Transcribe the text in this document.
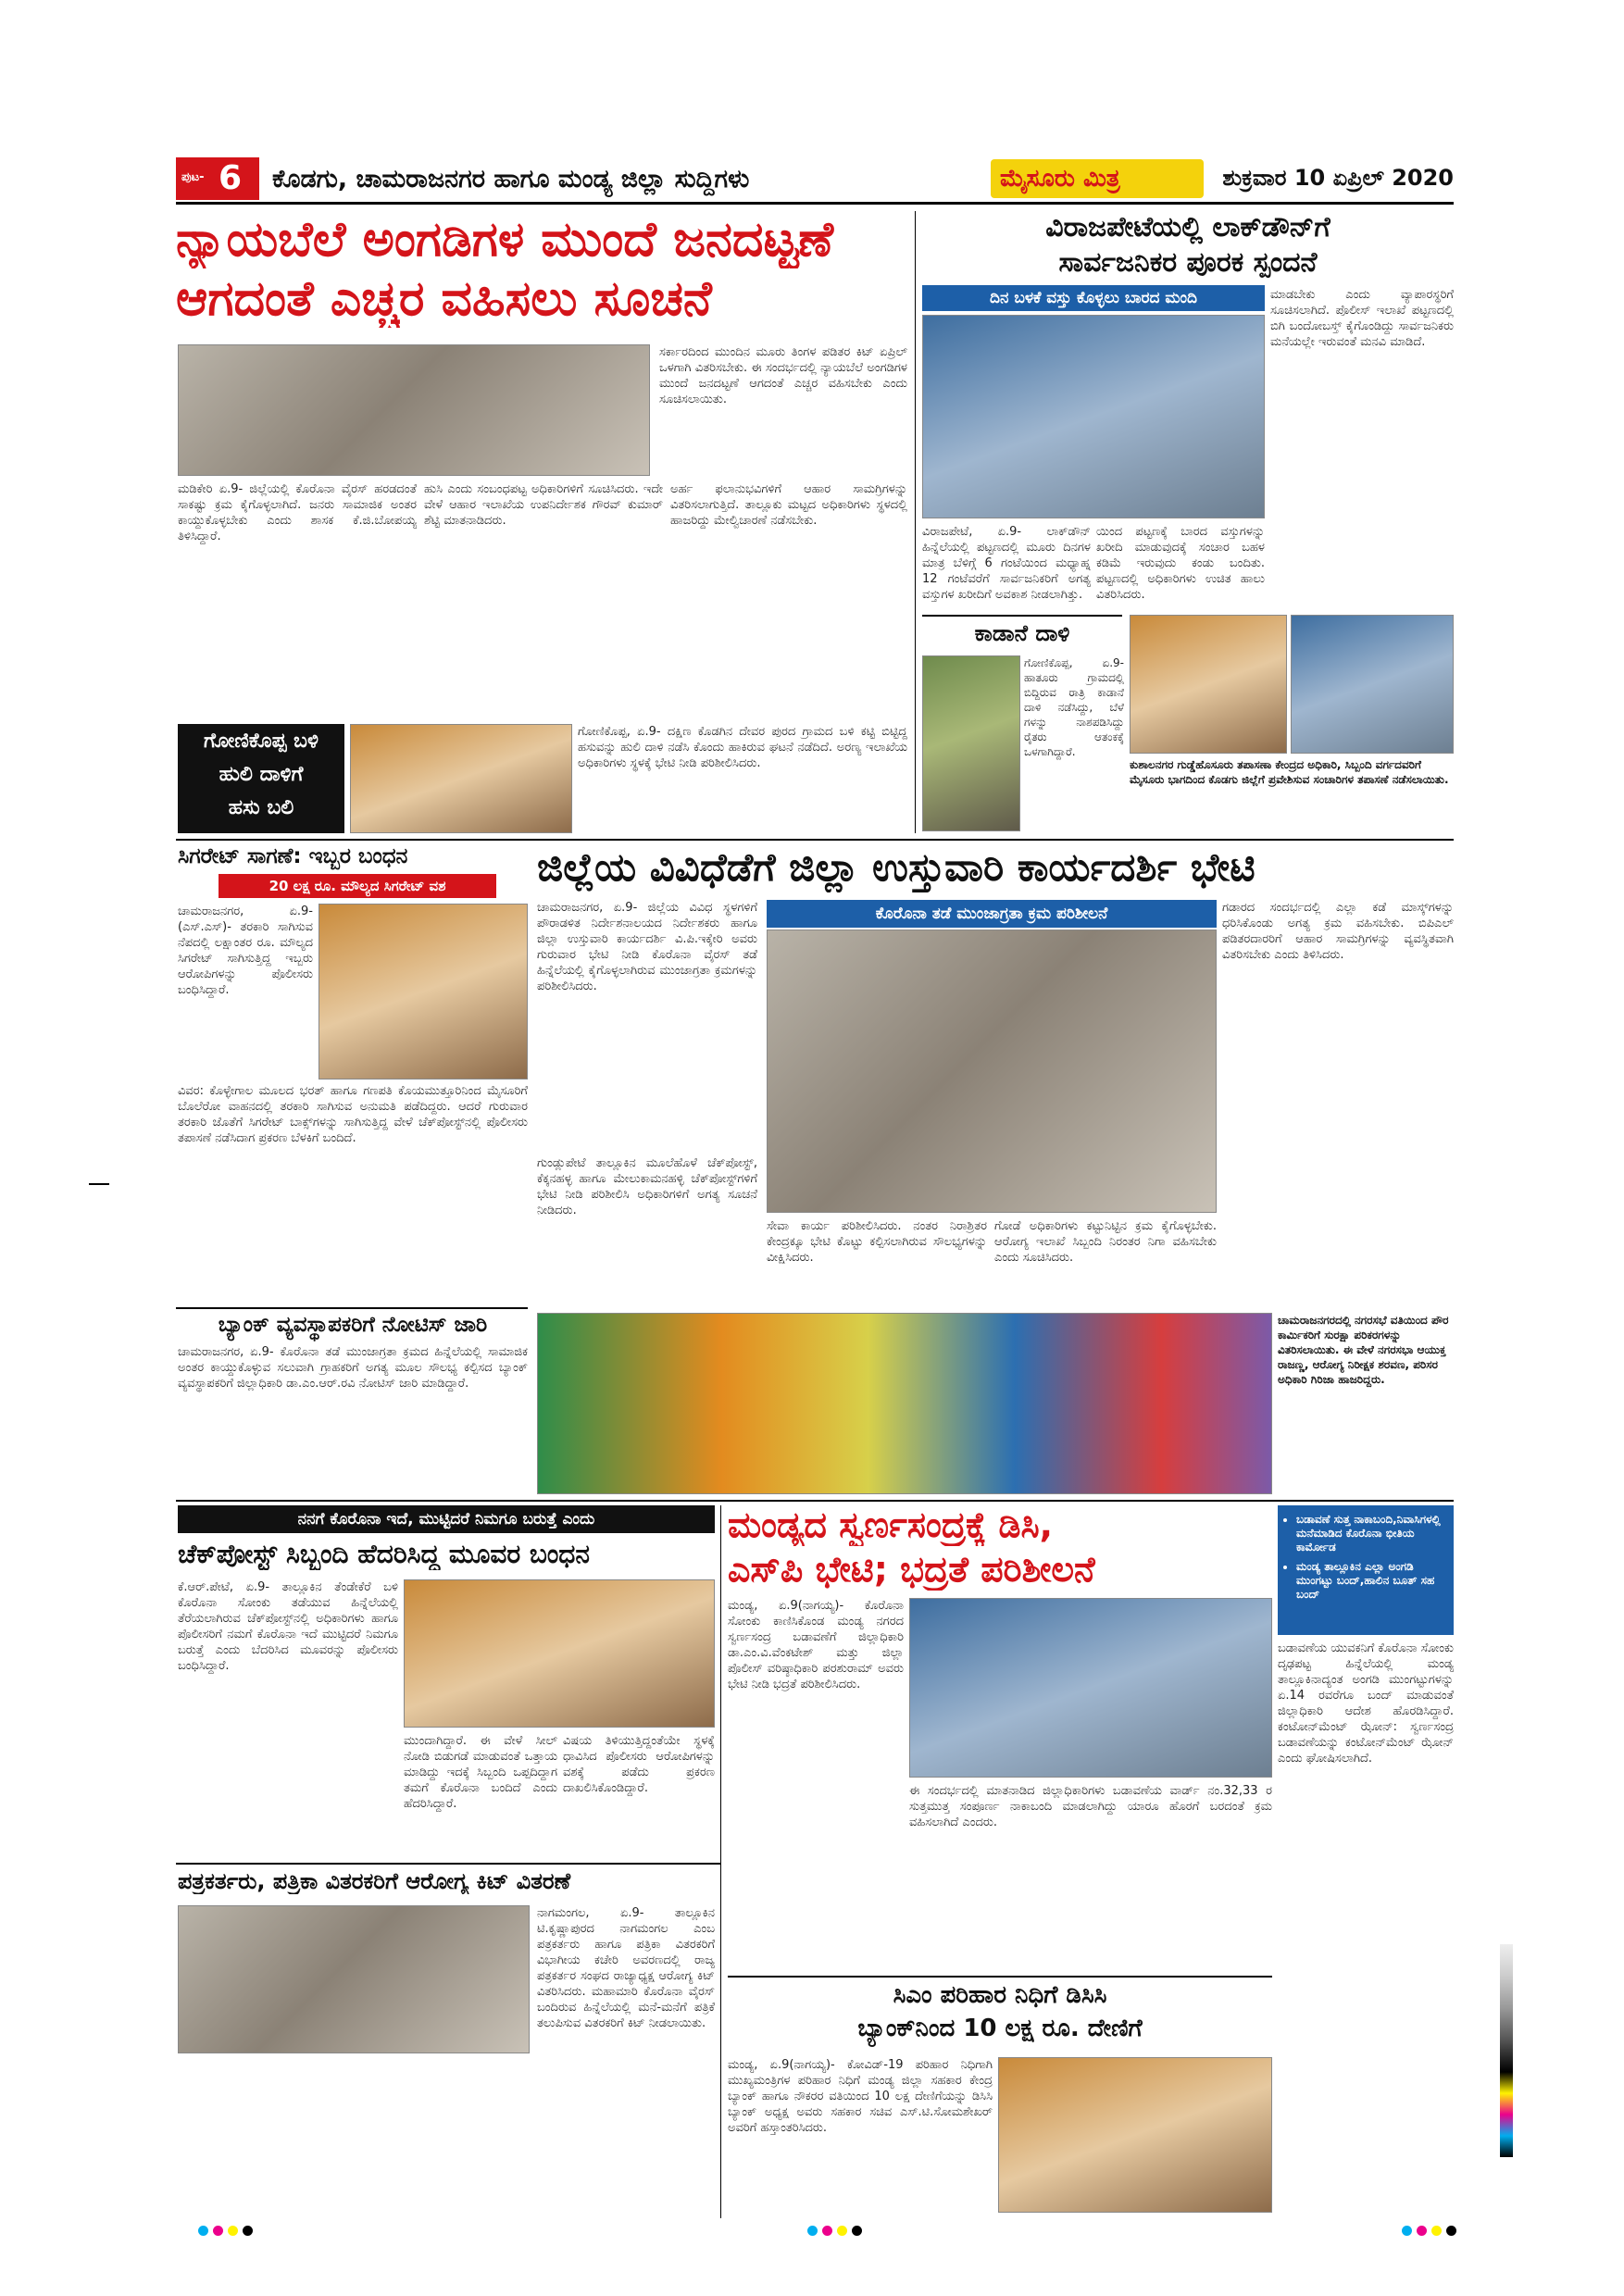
ಪುಟ- 6 ಕೊಡಗು, ಚಾಮರಾಜನಗರ ಹಾಗೂ ಮಂಡ್ಯ ಜಿಲ್ಲಾ ಸುದ್ದಿಗಳು	ಮೈಸೂರು ಮಿತ್ರ	ಶುಕ್ರವಾರ 10 ಏಪ್ರಿಲ್ 2020
ನ್ಯಾಯಬೆಲೆ ಅಂಗಡಿಗಳ ಮುಂದೆ ಜನದಟ್ಟಣೆ
ಆಗದಂತೆ ಎಚ್ಚರ ವಹಿಸಲು ಸೂಚನೆ
ಸರ್ಕಾರದಿಂದ ಮುಂದಿನ ಮೂರು ತಿಂಗಳ ಪಡಿತರ ಕಿಟ್ ಏಪ್ರಿಲ್ ಒಳಗಾಗಿ ವಿತರಿಸಬೇಕು. ಈ ಸಂದರ್ಭದಲ್ಲಿ ನ್ಯಾಯಬೆಲೆ ಅಂಗಡಿಗಳ ಮುಂದೆ ಜನದಟ್ಟಣೆ ಆಗದಂತೆ ಎಚ್ಚರ ವಹಿಸಬೇಕು ಎಂದು ಸೂಚಿಸಲಾಯಿತು.
ಮಡಿಕೇರಿ ಏ.9- ಜಿಲ್ಲೆಯಲ್ಲಿ ಕೊರೊನಾ ವೈರಸ್ ಹರಡದಂತೆ ಸಾಕಷ್ಟು ಕ್ರಮ ಕೈಗೊಳ್ಳಲಾಗಿದೆ. ಜನರು ಸಾಮಾಜಿಕ ಅಂತರ ಕಾಯ್ದುಕೊಳ್ಳಬೇಕು ಎಂದು ಶಾಸಕ ಕೆ.ಜಿ.ಬೋಪಯ್ಯ ತಿಳಿಸಿದ್ದಾರೆ.
ಹುಸಿ ಎಂದು ಸಂಬಂಧಪಟ್ಟ ಅಧಿಕಾರಿಗಳಿಗೆ ಸೂಚಿಸಿದರು. ಇದೇ ವೇಳೆ ಆಹಾರ ಇಲಾಖೆಯ ಉಪನಿರ್ದೇಶಕ ಗೌರವ್ ಕುಮಾರ್ ಶೆಟ್ಟಿ ಮಾತನಾಡಿದರು.
ಅರ್ಹ ಫಲಾನುಭವಿಗಳಿಗೆ ಆಹಾರ ಸಾಮಗ್ರಿಗಳನ್ನು ವಿತರಿಸಲಾಗುತ್ತಿದೆ. ತಾಲ್ಲೂಕು ಮಟ್ಟದ ಅಧಿಕಾರಿಗಳು ಸ್ಥಳದಲ್ಲಿ ಹಾಜರಿದ್ದು ಮೇಲ್ವಿಚಾರಣೆ ನಡೆಸಬೇಕು.
ವಿರಾಜಪೇಟೆಯಲ್ಲಿ ಲಾಕ್‌ಡೌನ್‌ಗೆ
ಸಾರ್ವಜನಿಕರ ಪೂರಕ ಸ್ಪಂದನೆ
ದಿನ ಬಳಕೆ ವಸ್ತು ಕೊಳ್ಳಲು ಬಾರದ ಮಂದಿ	ಮಾಡಬೇಕು ಎಂದು ವ್ಯಾಪಾರಸ್ಥರಿಗೆ ಸೂಚಿಸಲಾಗಿದೆ. ಪೊಲೀಸ್ ಇಲಾಖೆ ಪಟ್ಟಣದಲ್ಲಿ ಬಿಗಿ ಬಂದೋಬಸ್ತ್ ಕೈಗೊಂಡಿದ್ದು ಸಾರ್ವಜನಿಕರು ಮನೆಯಲ್ಲೇ ಇರುವಂತೆ ಮನವಿ ಮಾಡಿದೆ.
ವಿರಾಜಪೇಟೆ, ಏ.9- ಲಾಕ್‌ಡೌನ್ ಹಿನ್ನೆಲೆಯಲ್ಲಿ ಪಟ್ಟಣದಲ್ಲಿ ಮೂರು ದಿನಗಳ ಮಾತ್ರ ಬೆಳಿಗ್ಗೆ 6 ಗಂಟೆಯಿಂದ ಮಧ್ಯಾಹ್ನ 12 ಗಂಟೆವರೆಗೆ ಸಾರ್ವಜನಿಕರಿಗೆ ಅಗತ್ಯ ವಸ್ತುಗಳ ಖರೀದಿಗೆ ಅವಕಾಶ ನೀಡಲಾಗಿತ್ತು.
ಯಿಂದ ಪಟ್ಟಣಕ್ಕೆ ಬಾರದ ವಸ್ತುಗಳನ್ನು ಖರೀದಿ ಮಾಡುವುದಕ್ಕೆ ಸಂಚಾರ ಬಹಳ ಕಡಿಮೆ ಇರುವುದು ಕಂಡು ಬಂದಿತು. ಪಟ್ಟಣದಲ್ಲಿ ಅಧಿಕಾರಿಗಳು ಉಚಿತ ಹಾಲು ವಿತರಿಸಿದರು.
ಕಾಡಾನೆ ದಾಳಿ
ಗೋಣಿಕೊಪ್ಪ, ಏ.9- ಹಾತೂರು ಗ್ರಾಮದಲ್ಲಿ ಬಿದ್ದಿರುವ ರಾತ್ರಿ ಕಾಡಾನೆ ದಾಳಿ ನಡೆಸಿದ್ದು, ಬೆಳೆ ಗಳನ್ನು ನಾಶಪಡಿಸಿದ್ದು ರೈತರು ಆತಂಕಕ್ಕೆ ಒಳಗಾಗಿದ್ದಾರೆ.
ಕುಶಾಲನಗರ ಗುಡ್ಡೆಹೊಸೂರು ತಪಾಸಣಾ ಕೇಂದ್ರದ ಅಧಿಕಾರಿ, ಸಿಬ್ಬಂದಿ ವರ್ಗದವರಿಗೆ ಮೈಸೂರು ಭಾಗದಿಂದ ಕೊಡಗು ಜಿಲ್ಲೆಗೆ ಪ್ರವೇಶಿಸುವ ಸಂಚಾರಿಗಳ ತಪಾಸಣೆ ನಡೆಸಲಾಯಿತು.
ಗೋಣಿಕೊಪ್ಪ ಬಳಿ
ಹುಲಿ ದಾಳಿಗೆ
ಹಸು ಬಲಿ
ಗೋಣಿಕೊಪ್ಪ, ಏ.9- ದಕ್ಷಿಣ ಕೊಡಗಿನ ದೇವರ ಪುರದ ಗ್ರಾಮದ ಬಳಿ ಕಟ್ಟಿ ಬಿಟ್ಟಿದ್ದ ಹಸುವನ್ನು ಹುಲಿ ದಾಳಿ ನಡೆಸಿ ಕೊಂದು ಹಾಕಿರುವ ಘಟನೆ ನಡೆದಿದೆ. ಅರಣ್ಯ ಇಲಾಖೆಯ ಅಧಿಕಾರಿಗಳು ಸ್ಥಳಕ್ಕೆ ಭೇಟಿ ನೀಡಿ ಪರಿಶೀಲಿಸಿದರು.
ಸಿಗರೇಟ್ ಸಾಗಣೆ: ಇಬ್ಬರ ಬಂಧನ
20 ಲಕ್ಷ ರೂ. ಮೌಲ್ಯದ ಸಿಗರೇಟ್ ವಶ
ಚಾಮರಾಜನಗರ, ಏ.9- (ಎಸ್.ಎಸ್)- ತರಕಾರಿ ಸಾಗಿಸುವ ನೆಪದಲ್ಲಿ ಲಕ್ಷಾಂತರ ರೂ. ಮೌಲ್ಯದ ಸಿಗರೇಟ್ ಸಾಗಿಸುತ್ತಿದ್ದ ಇಬ್ಬರು ಆರೋಪಿಗಳನ್ನು ಪೊಲೀಸರು ಬಂಧಿಸಿದ್ದಾರೆ.
ವಿವರ: ಕೊಳ್ಳೇಗಾಲ ಮೂಲದ ಭರತ್ ಹಾಗೂ ಗಣಪತಿ ಕೊಯಮುತ್ತೂರಿನಿಂದ ಮೈಸೂರಿಗೆ ಬೊಲೆರೋ ವಾಹನದಲ್ಲಿ ತರಕಾರಿ ಸಾಗಿಸುವ ಅನುಮತಿ ಪಡೆದಿದ್ದರು. ಆದರೆ ಗುರುವಾರ ತರಕಾರಿ ಜೊತೆಗೆ ಸಿಗರೇಟ್ ಬಾಕ್ಸ್‌ಗಳನ್ನು ಸಾಗಿಸುತ್ತಿದ್ದ ವೇಳೆ ಚೆಕ್‌ಪೋಸ್ಟ್‌ನಲ್ಲಿ ಪೊಲೀಸರು ತಪಾಸಣೆ ನಡೆಸಿದಾಗ ಪ್ರಕರಣ ಬೆಳಕಿಗೆ ಬಂದಿದೆ.
ಜಿಲ್ಲೆಯ ವಿವಿಧೆಡೆಗೆ ಜಿಲ್ಲಾ ಉಸ್ತುವಾರಿ ಕಾರ್ಯದರ್ಶಿ ಭೇಟಿ
ಚಾಮರಾಜನಗರ, ಏ.9- ಜಿಲ್ಲೆಯ ವಿವಿಧ ಸ್ಥಳಗಳಿಗೆ ಪೌರಾಡಳಿತ ನಿರ್ದೇಶನಾಲಯದ ನಿರ್ದೇಶಕರು ಹಾಗೂ ಜಿಲ್ಲಾ ಉಸ್ತುವಾರಿ ಕಾರ್ಯದರ್ಶಿ ವಿ.ಪಿ.ಇಕ್ಕೇರಿ ಅವರು ಗುರುವಾರ ಭೇಟಿ ನೀಡಿ ಕೊರೊನಾ ವೈರಸ್ ತಡೆ ಹಿನ್ನೆಲೆಯಲ್ಲಿ ಕೈಗೊಳ್ಳಲಾಗಿರುವ ಮುಂಜಾಗ್ರತಾ ಕ್ರಮಗಳನ್ನು ಪರಿಶೀಲಿಸಿದರು.
ಕೊರೊನಾ ತಡೆ ಮುಂಜಾಗ್ರತಾ ಕ್ರಮ ಪರಿಶೀಲನೆ	ಗಡಾರದ ಸಂದರ್ಭದಲ್ಲಿ ಎಲ್ಲಾ ಕಡೆ ಮಾಸ್ಕ್‌ಗಳನ್ನು ಧರಿಸಿಕೊಂಡು ಅಗತ್ಯ ಕ್ರಮ ವಹಿಸಬೇಕು. ಬಿಪಿಎಲ್ ಪಡಿತರದಾರರಿಗೆ ಆಹಾರ ಸಾಮಗ್ರಿಗಳನ್ನು ವ್ಯವಸ್ಥಿತವಾಗಿ ವಿತರಿಸಬೇಕು ಎಂದು ತಿಳಿಸಿದರು.
ಗುಂಡ್ಲುಪೇಟೆ ತಾಲ್ಲೂಕಿನ ಮೂಲೆಹೊಳೆ ಚೆಕ್‌ಪೋಸ್ಟ್, ಕೆಕ್ಕನಹಳ್ಳ ಹಾಗೂ ಮೇಲುಕಾಮನಹಳ್ಳಿ ಚೆಕ್‌ಪೋಸ್ಟ್‌ಗಳಿಗೆ ಭೇಟಿ ನೀಡಿ ಪರಿಶೀಲಿಸಿ ಅಧಿಕಾರಿಗಳಿಗೆ ಅಗತ್ಯ ಸೂಚನೆ ನೀಡಿದರು.
ಸೇವಾ ಕಾರ್ಯ ಪರಿಶೀಲಿಸಿದರು. ನಂತರ ನಿರಾಶ್ರಿತರ ಕೇಂದ್ರಕ್ಕೂ ಭೇಟಿ ಕೊಟ್ಟು ಕಲ್ಪಿಸಲಾಗಿರುವ ಸೌಲಭ್ಯಗಳನ್ನು ವೀಕ್ಷಿಸಿದರು.
ಗೋಡೆ ಅಧಿಕಾರಿಗಳು ಕಟ್ಟುನಿಟ್ಟಿನ ಕ್ರಮ ಕೈಗೊಳ್ಳಬೇಕು. ಆರೋಗ್ಯ ಇಲಾಖೆ ಸಿಬ್ಬಂದಿ ನಿರಂತರ ನಿಗಾ ವಹಿಸಬೇಕು ಎಂದು ಸೂಚಿಸಿದರು.
ಬ್ಯಾಂಕ್ ವ್ಯವಸ್ಥಾಪಕರಿಗೆ ನೋಟಿಸ್ ಜಾರಿ
ಚಾಮರಾಜನಗರ, ಏ.9- ಕೊರೊನಾ ತಡೆ ಮುಂಜಾಗ್ರತಾ ಕ್ರಮದ ಹಿನ್ನೆಲೆಯಲ್ಲಿ ಸಾಮಾಜಿಕ ಅಂತರ ಕಾಯ್ದುಕೊಳ್ಳುವ ಸಲುವಾಗಿ ಗ್ರಾಹಕರಿಗೆ ಅಗತ್ಯ ಮೂಲ ಸೌಲಭ್ಯ ಕಲ್ಪಿಸದ ಬ್ಯಾಂಕ್ ವ್ಯವಸ್ಥಾಪಕರಿಗೆ ಜಿಲ್ಲಾಧಿಕಾರಿ ಡಾ.ಎಂ.ಆರ್.ರವಿ ನೋಟಿಸ್ ಜಾರಿ ಮಾಡಿದ್ದಾರೆ.
ಚಾಮರಾಜನಗರದಲ್ಲಿ ನಗರಸಭೆ ವತಿಯಿಂದ ಪೌರ ಕಾರ್ಮಿಕರಿಗೆ ಸುರಕ್ಷಾ ಪರಿಕರಗಳನ್ನು ವಿತರಿಸಲಾಯಿತು. ಈ ವೇಳೆ ನಗರಸಭಾ ಆಯುಕ್ತ ರಾಜಣ್ಣ, ಆರೋಗ್ಯ ನಿರೀಕ್ಷಕ ಶರವಣ, ಪರಿಸರ ಅಧಿಕಾರಿ ಗಿರಿಜಾ ಹಾಜರಿದ್ದರು.
ನನಗೆ ಕೊರೊನಾ ಇದೆ, ಮುಟ್ಟಿದರೆ ನಿಮಗೂ ಬರುತ್ತೆ ಎಂದು
ಚೆಕ್‌ಪೋಸ್ಟ್ ಸಿಬ್ಬಂದಿ ಹೆದರಿಸಿದ್ದ ಮೂವರ ಬಂಧನ
ಕೆ.ಆರ್.ಪೇಟೆ, ಏ.9- ತಾಲ್ಲೂಕಿನ ತೆಂಡೇಕೆರೆ ಬಳಿ ಕೊರೊನಾ ಸೋಂಕು ತಡೆಯುವ ಹಿನ್ನೆಲೆಯಲ್ಲಿ ತೆರೆಯಲಾಗಿರುವ ಚೆಕ್‌ಪೋಸ್ಟ್‌ನಲ್ಲಿ ಅಧಿಕಾರಿಗಳು ಹಾಗೂ ಪೊಲೀಸರಿಗೆ ನಮಗೆ ಕೊರೊನಾ ಇದೆ ಮುಟ್ಟಿದರೆ ನಿಮಗೂ ಬರುತ್ತೆ ಎಂದು ಬೆದರಿಸಿದ ಮೂವರನ್ನು ಪೊಲೀಸರು ಬಂಧಿಸಿದ್ದಾರೆ.
ಮುಂದಾಗಿದ್ದಾರೆ. ಈ ವೇಳೆ ಸೀಲ್ ನೋಡಿ ಬಿಡುಗಡೆ ಮಾಡುವಂತೆ ಒತ್ತಾಯ ಮಾಡಿದ್ದು ಇದಕ್ಕೆ ಸಿಬ್ಬಂದಿ ಒಪ್ಪದಿದ್ದಾಗ ತಮಗೆ ಕೊರೊನಾ ಬಂದಿದೆ ಎಂದು ಹೆದರಿಸಿದ್ದಾರೆ.
ವಿಷಯ ತಿಳಿಯುತ್ತಿದ್ದಂತೆಯೇ ಸ್ಥಳಕ್ಕೆ ಧಾವಿಸಿದ ಪೊಲೀಸರು ಆರೋಪಿಗಳನ್ನು ವಶಕ್ಕೆ ಪಡೆದು ಪ್ರಕರಣ ದಾಖಲಿಸಿಕೊಂಡಿದ್ದಾರೆ.
ಮಂಡ್ಯದ ಸ್ವರ್ಣಸಂದ್ರಕ್ಕೆ ಡಿಸಿ,
ಎಸ್‌ಪಿ ಭೇಟಿ; ಭದ್ರತೆ ಪರಿಶೀಲನೆ
• ಬಡಾವಣೆ ಸುತ್ತ ನಾಕಾಬಂದಿ,ನಿವಾಸಿಗಳಲ್ಲಿ ಮನೆಮಾಡಿದ ಕೊರೊನಾ ಭೀತಿಯ ಕಾರ್ಮೋಡ
• ಮಂಡ್ಯ ತಾಲ್ಲೂಕಿನ ಎಲ್ಲಾ ಅಂಗಡಿ ಮುಂಗಟ್ಟು ಬಂದ್,ಹಾಲಿನ ಬೂತ್ ಸಹ ಬಂದ್
ಮಂಡ್ಯ, ಏ.9(ನಾಗಯ್ಯ)- ಕೊರೊನಾ ಸೋಂಕು ಕಾಣಿಸಿಕೊಂಡ ಮಂಡ್ಯ ನಗರದ ಸ್ವರ್ಣಸಂದ್ರ ಬಡಾವಣೆಗೆ ಜಿಲ್ಲಾಧಿಕಾರಿ ಡಾ.ಎಂ.ವಿ.ವೆಂಕಟೇಶ್ ಮತ್ತು ಜಿಲ್ಲಾ ಪೊಲೀಸ್ ವರಿಷ್ಠಾಧಿಕಾರಿ ಪರಶುರಾಮ್ ಅವರು ಭೇಟಿ ನೀಡಿ ಭದ್ರತೆ ಪರಿಶೀಲಿಸಿದರು.
ಈ ಸಂದರ್ಭದಲ್ಲಿ ಮಾತನಾಡಿದ ಜಿಲ್ಲಾಧಿಕಾರಿಗಳು ಬಡಾವಣೆಯ ವಾರ್ಡ್ ನಂ.32,33 ರ ಸುತ್ತಮುತ್ತ ಸಂಪೂರ್ಣ ನಾಕಾಬಂದಿ ಮಾಡಲಾಗಿದ್ದು ಯಾರೂ ಹೊರಗೆ ಬರದಂತೆ ಕ್ರಮ ವಹಿಸಲಾಗಿದೆ ಎಂದರು.
ಬಡಾವಣೆಯ ಯುವಕನಿಗೆ ಕೊರೊನಾ ಸೋಂಕು ದೃಢಪಟ್ಟ ಹಿನ್ನೆಲೆಯಲ್ಲಿ ಮಂಡ್ಯ ತಾಲ್ಲೂಕಿನಾದ್ಯಂತ ಅಂಗಡಿ ಮುಂಗಟ್ಟುಗಳನ್ನು ಏ.14 ರವರೆಗೂ ಬಂದ್ ಮಾಡುವಂತೆ ಜಿಲ್ಲಾಧಿಕಾರಿ ಆದೇಶ ಹೊರಡಿಸಿದ್ದಾರೆ. ಕಂಟೋನ್‌ಮೆಂಟ್ ಝೋನ್: ಸ್ವರ್ಣಸಂದ್ರ ಬಡಾವಣೆಯನ್ನು ಕಂಟೋನ್‌ಮೆಂಟ್ ಝೋನ್ ಎಂದು ಘೋಷಿಸಲಾಗಿದೆ.
ಪತ್ರಕರ್ತರು, ಪತ್ರಿಕಾ ವಿತರಕರಿಗೆ ಆರೋಗ್ಯ ಕಿಟ್ ವಿತರಣೆ
ನಾಗಮಂಗಲ, ಏ.9- ತಾಲ್ಲೂಕಿನ ಟಿ.ಕೃಷ್ಣಾಪುರದ ನಾಗಮಂಗಲ ಎಂಬ ಪತ್ರಕರ್ತರು ಹಾಗೂ ಪತ್ರಿಕಾ ವಿತರಕರಿಗೆ ವಿಭಾಗೀಯ ಕಚೇರಿ ಅವರಣದಲ್ಲಿ ರಾಜ್ಯ ಪತ್ರಕರ್ತರ ಸಂಘದ ರಾಜ್ಯಾಧ್ಯಕ್ಷ ಆರೋಗ್ಯ ಕಿಟ್ ವಿತರಿಸಿದರು. ಮಹಾಮಾರಿ ಕೊರೊನಾ ವೈರಸ್ ಬಂದಿರುವ ಹಿನ್ನೆಲೆಯಲ್ಲಿ ಮನೆ-ಮನೆಗೆ ಪತ್ರಿಕೆ ತಲುಪಿಸುವ ವಿತರಕರಿಗೆ ಕಿಟ್ ನೀಡಲಾಯಿತು.
ಸಿಎಂ ಪರಿಹಾರ ನಿಧಿಗೆ ಡಿಸಿಸಿ
ಬ್ಯಾಂಕ್‌ನಿಂದ 10 ಲಕ್ಷ ರೂ. ದೇಣಿಗೆ
ಮಂಡ್ಯ, ಏ.9(ನಾಗಯ್ಯ)- ಕೋವಿಡ್-19 ಪರಿಹಾರ ನಿಧಿಗಾಗಿ ಮುಖ್ಯಮಂತ್ರಿಗಳ ಪರಿಹಾರ ನಿಧಿಗೆ ಮಂಡ್ಯ ಜಿಲ್ಲಾ ಸಹಕಾರ ಕೇಂದ್ರ ಬ್ಯಾಂಕ್ ಹಾಗೂ ನೌಕರರ ವತಿಯಿಂದ 10 ಲಕ್ಷ ದೇಣಿಗೆಯನ್ನು ಡಿಸಿಸಿ ಬ್ಯಾಂಕ್ ಅಧ್ಯಕ್ಷ ಅವರು ಸಹಕಾರ ಸಚಿವ ಎಸ್.ಟಿ.ಸೋಮಶೇಖರ್ ಅವರಿಗೆ ಹಸ್ತಾಂತರಿಸಿದರು.
